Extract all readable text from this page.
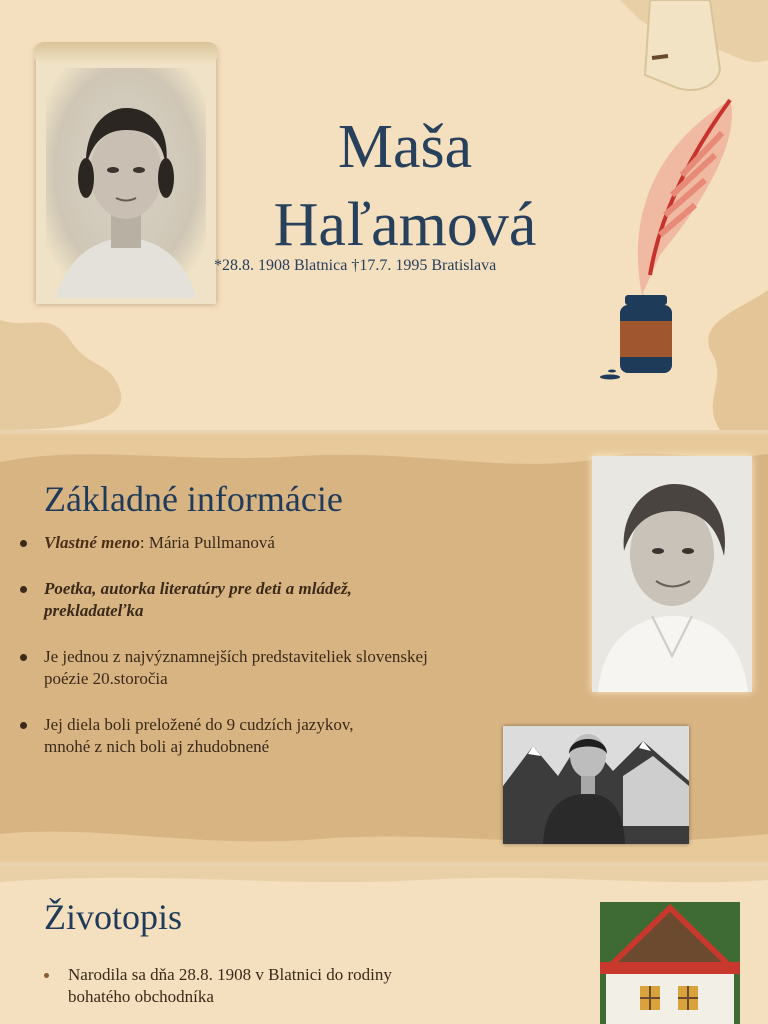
Maša
Haľamová
*28.8. 1908 Blatnica †17.7. 1995 Bratislava
Základné informácie
Vlastné meno: Mária Pullmanová
Poetka, autorka literatúry pre deti a mládež,
prekladateľka
Je jednou z najvýznamnejších predstaviteliek slovenskej
poézie 20.storočia
Jej diela boli preložené do 9 cudzích jazykov,
mnohé z nich boli aj zhudobnené
Životopis
Narodila sa dňa 28.8. 1908 v Blatnici do rodiny
bohatého obchodníka
